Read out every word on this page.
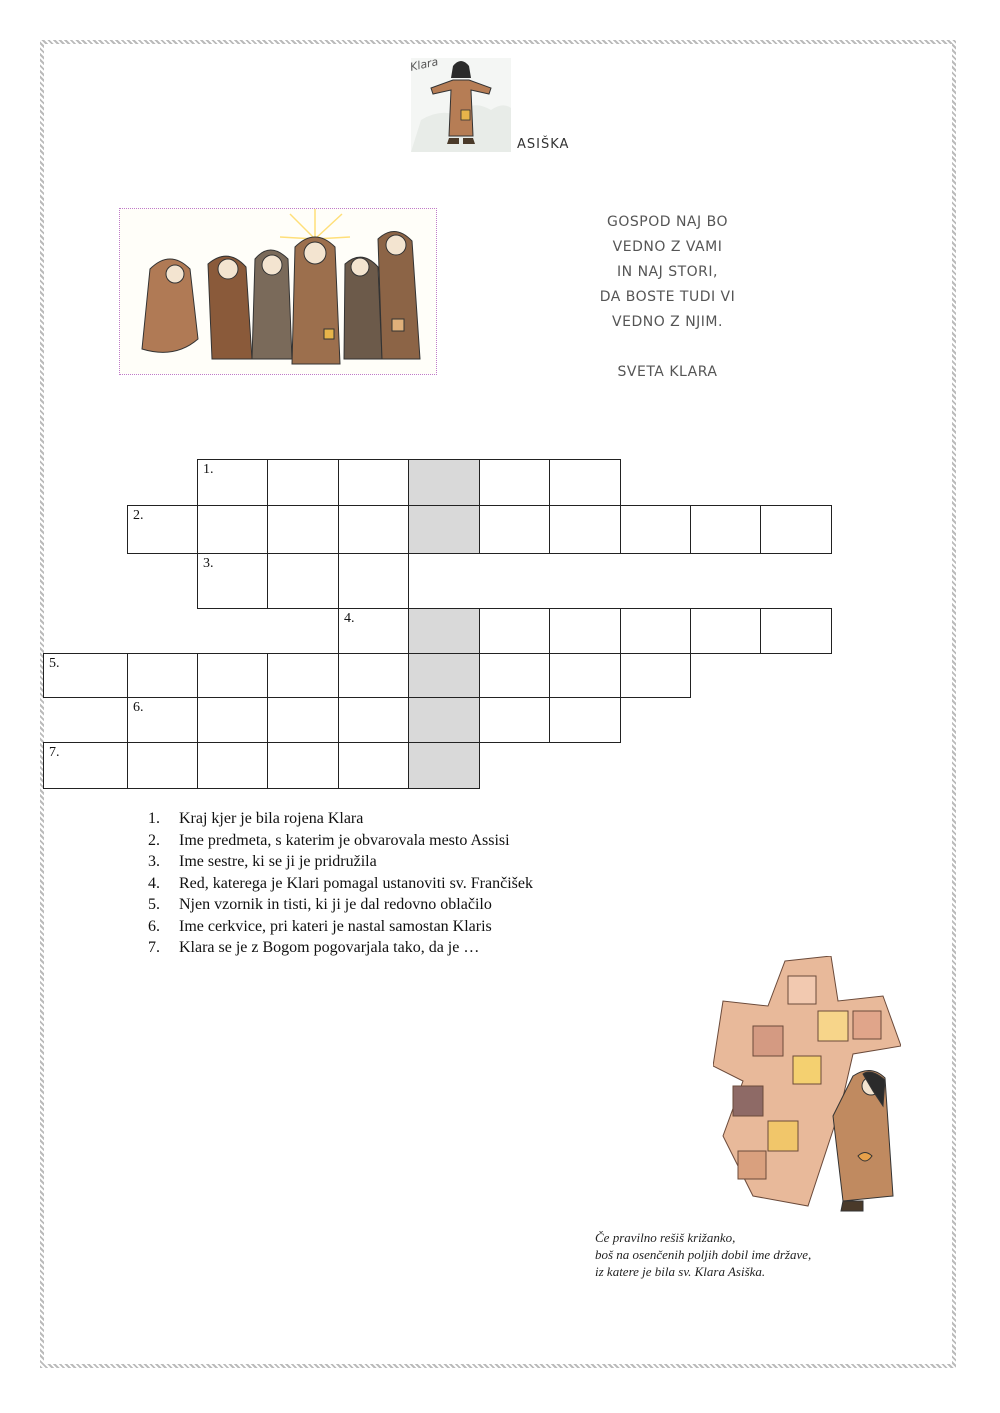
Klara
ASIŠKA
GOSPOD NAJ BO
VEDNO Z VAMI
IN NAJ STORI,
DA BOSTE TUDI VI
VEDNO Z NJIM.
SVETA KLARA
1.
2.
3.
4.
5.
6.
7.
1.	Kraj kjer je bila rojena Klara
2.	Ime predmeta, s katerim je obvarovala mesto Assisi
3.	Ime sestre, ki se ji je pridružila
4.	Red, katerega je Klari pomagal ustanoviti sv. Frančišek
5.	Njen vzornik in tisti, ki ji je dal redovno oblačilo
6.	Ime cerkvice, pri kateri je nastal samostan Klaris
7.	Klara se je z Bogom pogovarjala tako, da je …
Če pravilno rešiš križanko,
boš na osenčenih poljih dobil ime države,
iz katere je bila sv. Klara Asiška.
